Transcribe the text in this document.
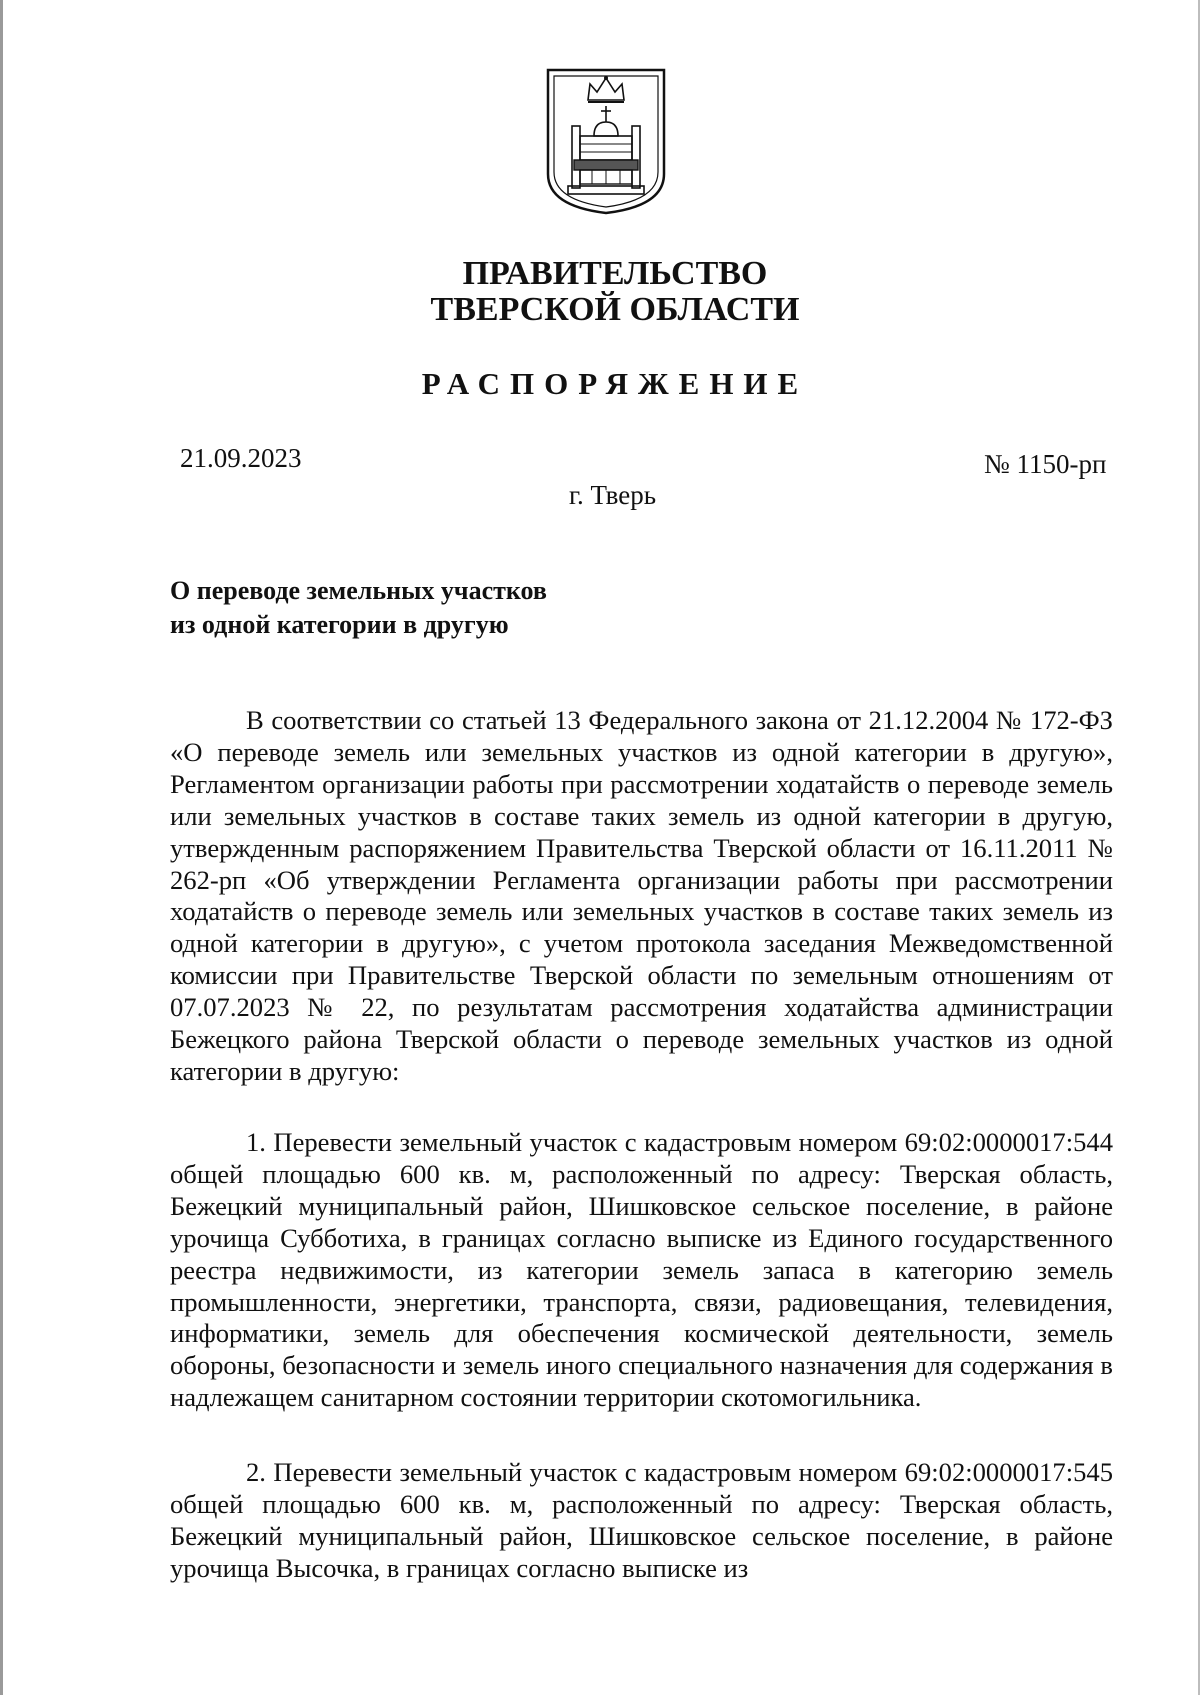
ПРАВИТЕЛЬСТВО
ТВЕРСКОЙ ОБЛАСТИ
РАСПОРЯЖЕНИЕ
21.09.2023	№ 1150-рп
г. Тверь
О переводе земельных участков
из одной категории в другую

В соответствии со статьей 13 Федерального закона от 21.12.2004 № 172-ФЗ «О переводе земель или земельных участков из одной категории в другую», Регламентом организации работы при рассмотрении ходатайств о переводе земель или земельных участков в составе таких земель из одной категории в другую, утвержденным распоряжением Правительства Тверской области от 16.11.2011 № 262-рп «Об утверждении Регламента организации работы при рассмотрении ходатайств о переводе земель или земельных участков в составе таких земель из одной категории в другую», с учетом протокола заседания Межведомственной комиссии при Правительстве Тверской области по земельным отношениям от 07.07.2023 № 22, по результатам рассмотрения ходатайства администрации Бежецкого района Тверской области о переводе земельных участков из одной категории в другую:

1. Перевести земельный участок с кадастровым номером 69:02:0000017:544 общей площадью 600 кв. м, расположенный по адресу: Тверская область, Бежецкий муниципальный район, Шишковское сельское поселение, в районе урочища Субботиха, в границах согласно выписке из Единого государственного реестра недвижимости, из категории земель запаса в категорию земель промышленности, энергетики, транспорта, связи, радиовещания, телевидения, информатики, земель для обеспечения космической деятельности, земель обороны, безопасности и земель иного специального назначения для содержания в надлежащем санитарном состоянии территории скотомогильника.

2. Перевести земельный участок с кадастровым номером 69:02:0000017:545 общей площадью 600 кв. м, расположенный по адресу: Тверская область, Бежецкий муниципальный район, Шишковское сельское поселение, в районе урочища Высочка, в границах согласно выписке из
